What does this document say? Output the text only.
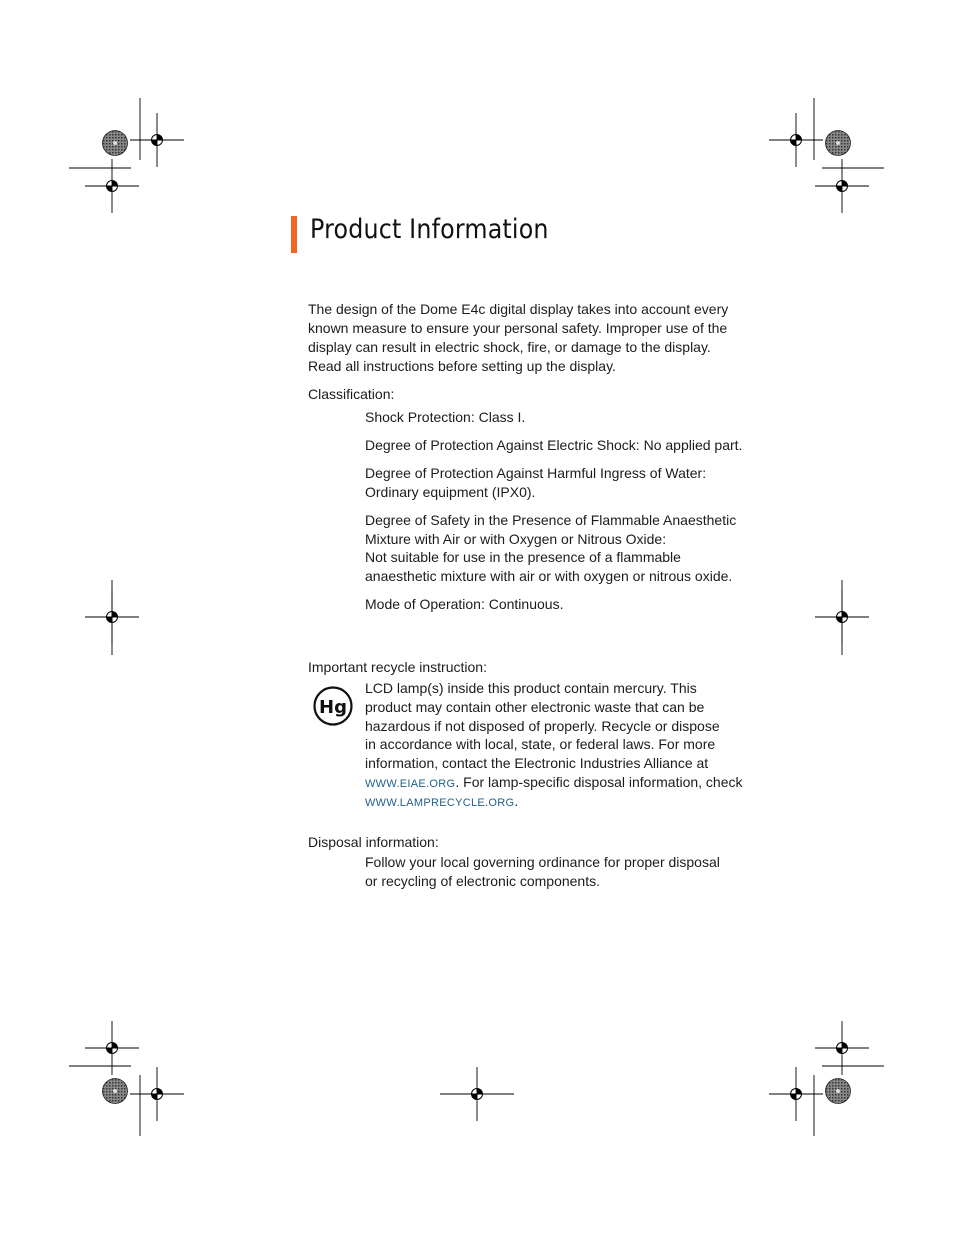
Product Information

The design of the Dome E4c digital display takes into account every

known measure to ensure your personal safety. Improper use of the

display can result in electric shock, fire, or damage to the display.

Read all instructions before setting up the display.

Classification:

Shock Protection: Class I.

Degree of Protection Against Electric Shock: No applied part.

Degree of Protection Against Harmful Ingress of Water:

Ordinary equipment (IPX0).

Degree of Safety in the Presence of Flammable Anaesthetic

Mixture with Air or with Oxygen or Nitrous Oxide:

Not suitable for use in the presence of a flammable

anaesthetic mixture with air or with oxygen or nitrous oxide.

Mode of Operation: Continuous.

Important recycle instruction:

Hg

LCD lamp(s) inside this product contain mercury. This

product may contain other electronic waste that can be

hazardous if not disposed of properly. Recycle or dispose

in accordance with local, state, or federal laws. For more

information, contact the Electronic Industries Alliance at

WWW.EIAE.ORG. For lamp-specific disposal information, check

WWW.LAMPRECYCLE.ORG.

Disposal information:

Follow your local governing ordinance for proper disposal

or recycling of electronic components.
